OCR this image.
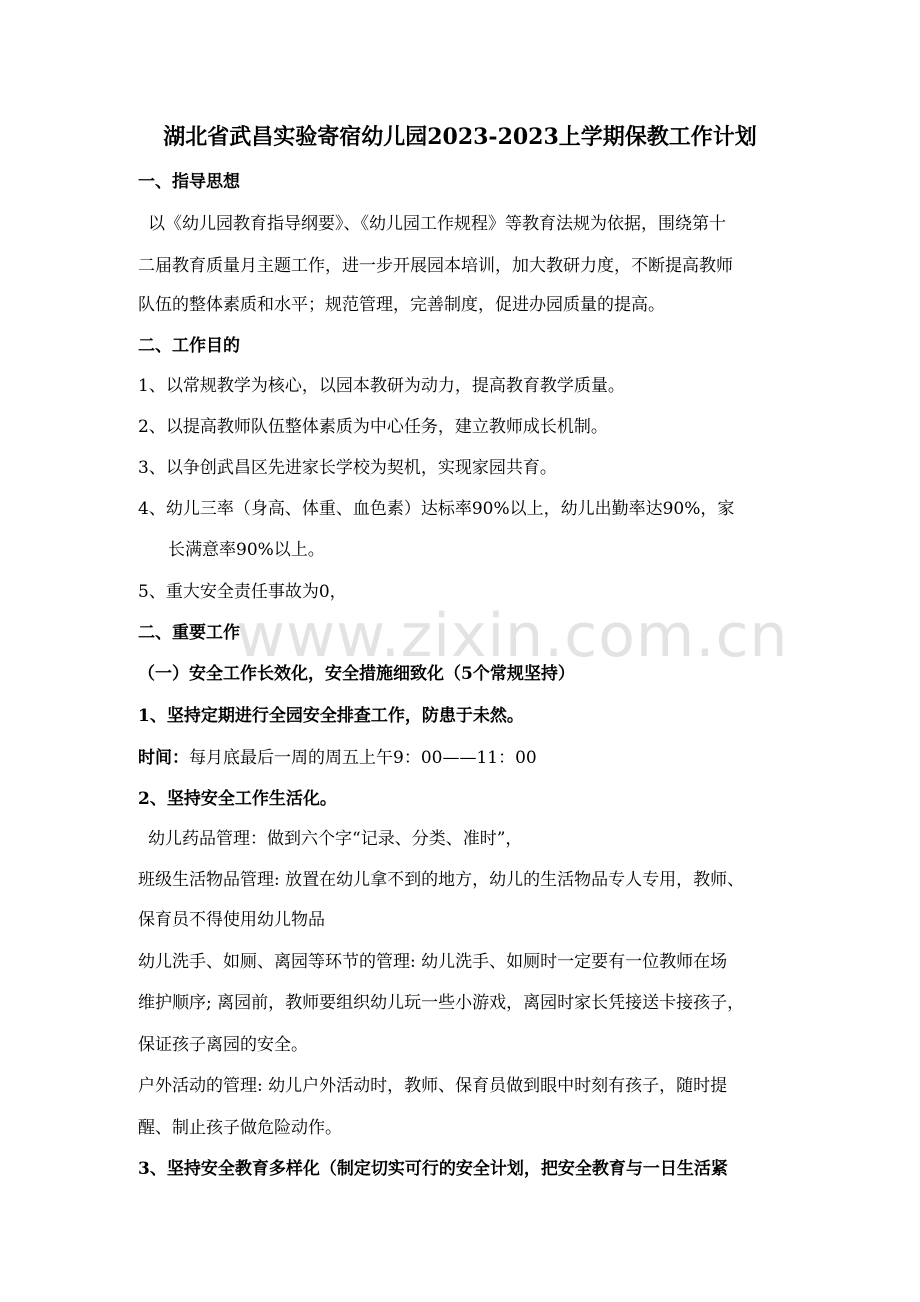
www.zixin.com.cn
湖北省武昌实验寄宿幼儿园2023-2023上学期保教工作计划
一、指导思想
以《幼儿园教育指导纲要》、《幼儿园工作规程》等教育法规为依据，围绕第十
二届教育质量月主题工作，进一步开展园本培训，加大教研力度，不断提高教师
队伍的整体素质和水平；规范管理，完善制度，促进办园质量的提高。
二、工作目的
1、以常规教学为核心，以园本教研为动力，提高教育教学质量。
2、以提高教师队伍整体素质为中心任务，建立教师成长机制。
3、以争创武昌区先进家长学校为契机，实现家园共育。
4、幼儿三率（身高、体重、血色素）达标率90%以上，幼儿出勤率达90%，家
长满意率90%以上。
5、重大安全责任事故为0，
二、重要工作
（一）安全工作长效化，安全措施细致化（5个常规坚持）
1、坚持定期进行全园安全排查工作，防患于未然。
时间：每月底最后一周的周五上午9：00——11：00
2、坚持安全工作生活化。
幼儿药品管理：做到六个字“记录、分类、准时”，
班级生活物品管理: 放置在幼儿拿不到的地方，幼儿的生活物品专人专用，教师、
保育员不得使用幼儿物品
幼儿洗手、如厕、离园等环节的管理: 幼儿洗手、如厕时一定要有一位教师在场
维护顺序; 离园前，教师要组织幼儿玩一些小游戏，离园时家长凭接送卡接孩子，
保证孩子离园的安全。
户外活动的管理: 幼儿户外活动时，教师、保育员做到眼中时刻有孩子，随时提
醒、制止孩子做危险动作。
3、坚持安全教育多样化（制定切实可行的安全计划，把安全教育与一日生活紧
